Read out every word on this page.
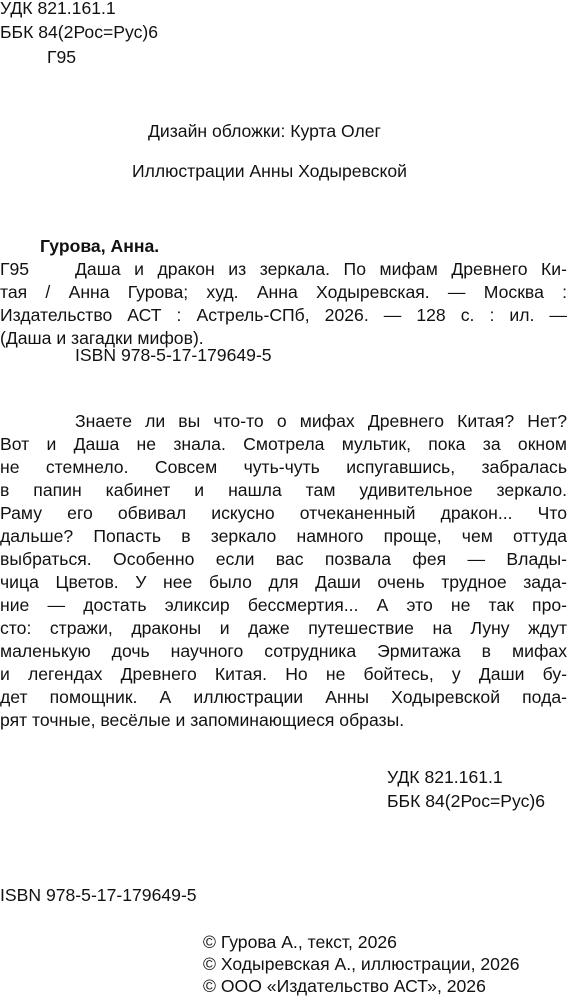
УДК 821.161.1
ББК 84(2Рос=Рус)6
Г95
Дизайн обложки: Курта Олег
Иллюстрации Анны Ходыревской
Гурова, Анна.
Г95	Даша и дракон из зеркала. По мифам Древнего Ки-
тая / Анна Гурова; худ. Анна Ходыревская. — Москва :
Издательство АСТ : Астрель-СПб, 2026. — 128 с. : ил. —
(Даша и загадки мифов).
ISBN 978-5-17-179649-5
Знаете ли вы что-то о мифах Древнего Китая? Нет?
Вот и Даша не знала. Смотрела мультик, пока за окном
не стемнело. Совсем чуть-чуть испугавшись, забралась
в папин кабинет и нашла там удивительное зеркало.
Раму его обвивал искусно отчеканенный дракон... Что
дальше? Попасть в зеркало намного проще, чем оттуда
выбраться. Особенно если вас позвала фея — Влады-
чица Цветов. У нее было для Даши очень трудное зада-
ние — достать эликсир бессмертия... А это не так про-
сто: стражи, драконы и даже путешествие на Луну ждут
маленькую дочь научного сотрудника Эрмитажа в мифах
и легендах Древнего Китая. Но не бойтесь, у Даши бу-
дет помощник. А иллюстрации Анны Ходыревской пода-
рят точные, весёлые и запоминающиеся образы.
УДК 821.161.1
ББК 84(2Рос=Рус)6
ISBN 978-5-17-179649-5
© Гурова А., текст, 2026
© Ходыревская А., иллюстрации, 2026
© ООО «Издательство АСТ», 2026
